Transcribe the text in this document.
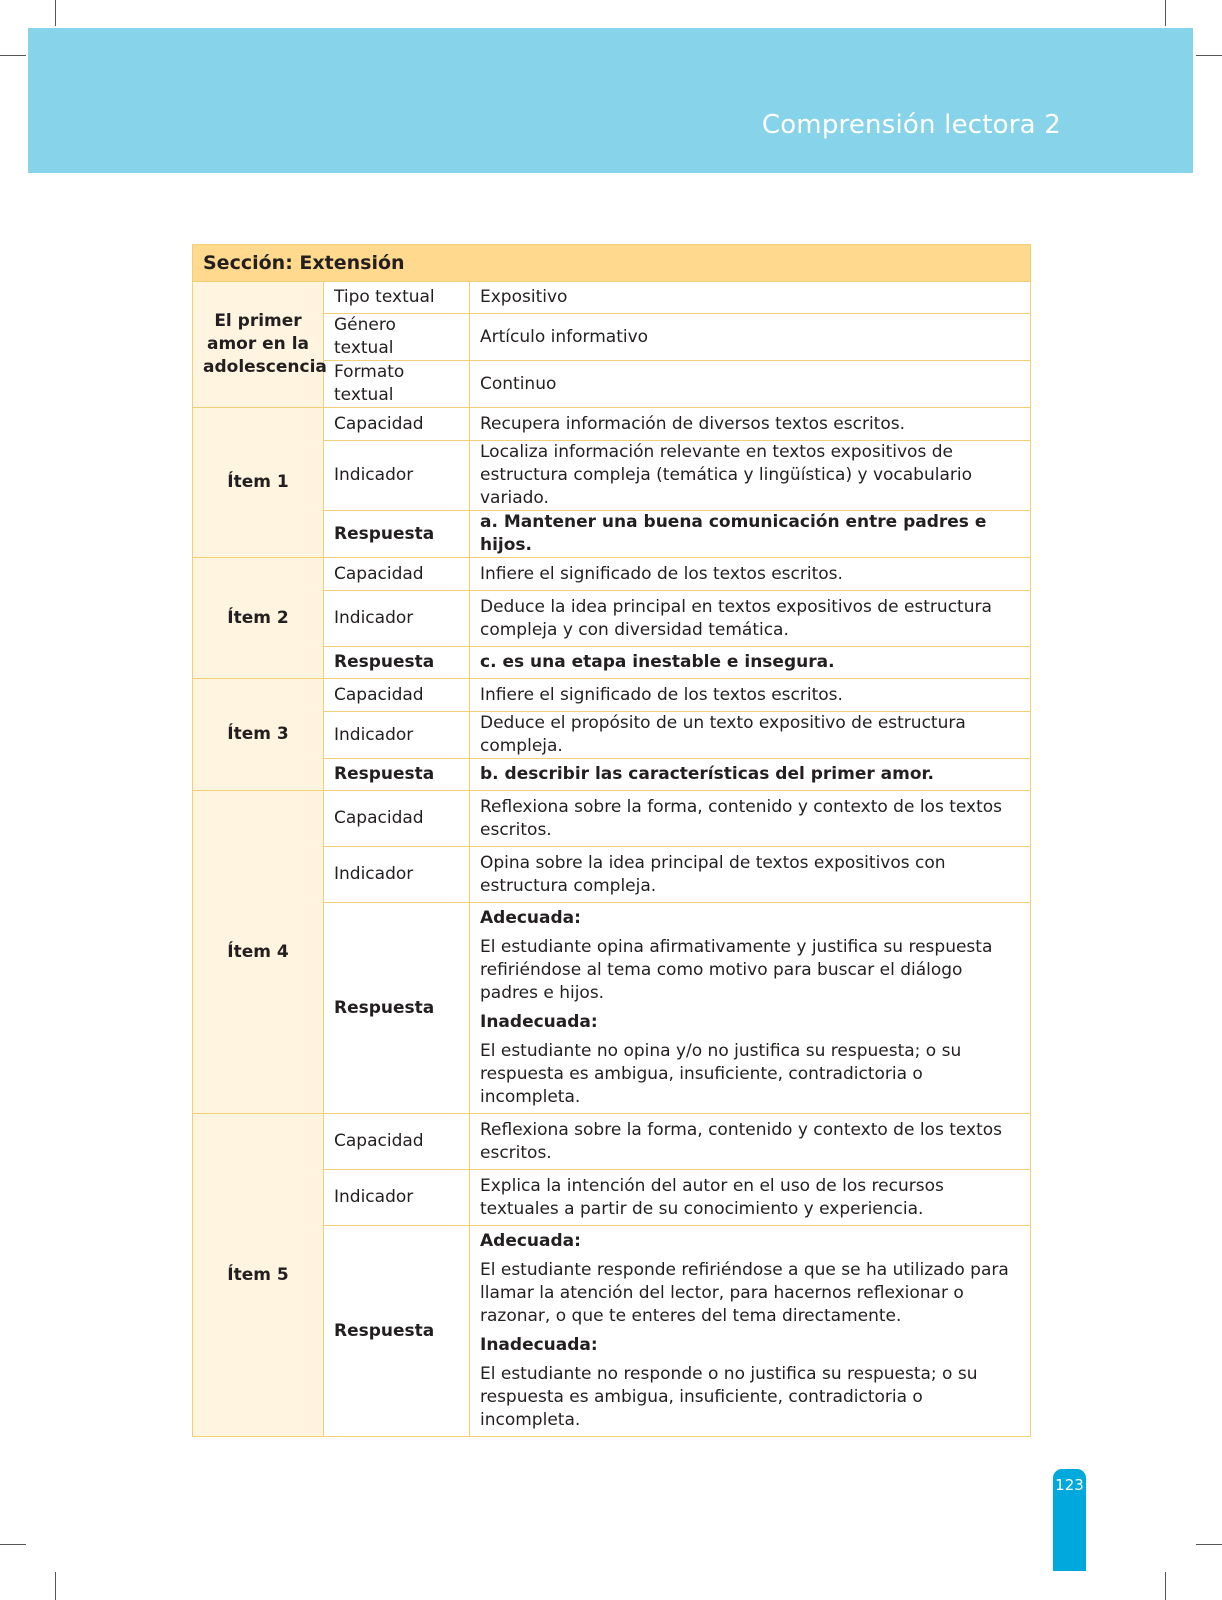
Comprensión lectora 2
Sección: Extensión		
El primer amor en la adolescencia	Tipo textual	Expositivo
	Género textual	Artículo informativo
	Formato textual	Continuo
Ítem 1	Capacidad	Recupera información de diversos textos escritos.
	Indicador	Localiza información relevante en textos expositivos de estructura compleja (temática y lingüística) y vocabulario variado.
	Respuesta	a. Mantener una buena comunicación entre padres e hijos.
Ítem 2	Capacidad	Infiere el significado de los textos escritos.
	Indicador	Deduce la idea principal en textos expositivos de estructura compleja y con diversidad temática.
	Respuesta	c. es una etapa inestable e insegura.
Ítem 3	Capacidad	Infiere el significado de los textos escritos.
	Indicador	Deduce el propósito de un texto expositivo de estructura compleja.
	Respuesta	b. describir las características del primer amor.
Ítem 4	Capacidad	Reflexiona sobre la forma, contenido y contexto de los textos escritos.
	Indicador	Opina sobre la idea principal de textos expositivos con estructura compleja.
	Respuesta	Adecuada:

El estudiante opina afirmativamente y justifica su respuesta refiriéndose al tema como motivo para buscar el diálogo padres e hijos.

Inadecuada:

El estudiante no opina y/o no justifica su respuesta; o su respuesta es ambigua, insuficiente, contradictoria o incompleta.

Ítem 5	Capacidad	Reflexiona sobre la forma, contenido y contexto de los textos escritos.
	Indicador	Explica la intención del autor en el uso de los recursos textuales a partir de su conocimiento y experiencia.
	Respuesta	Adecuada:

El estudiante responde refiriéndose a que se ha utilizado para llamar la atención del lector, para hacernos reflexionar o razonar, o que te enteres del tema directamente.

Inadecuada:

El estudiante no responde o no justifica su respuesta; o su respuesta es ambigua, insuficiente, contradictoria o incompleta.

123
